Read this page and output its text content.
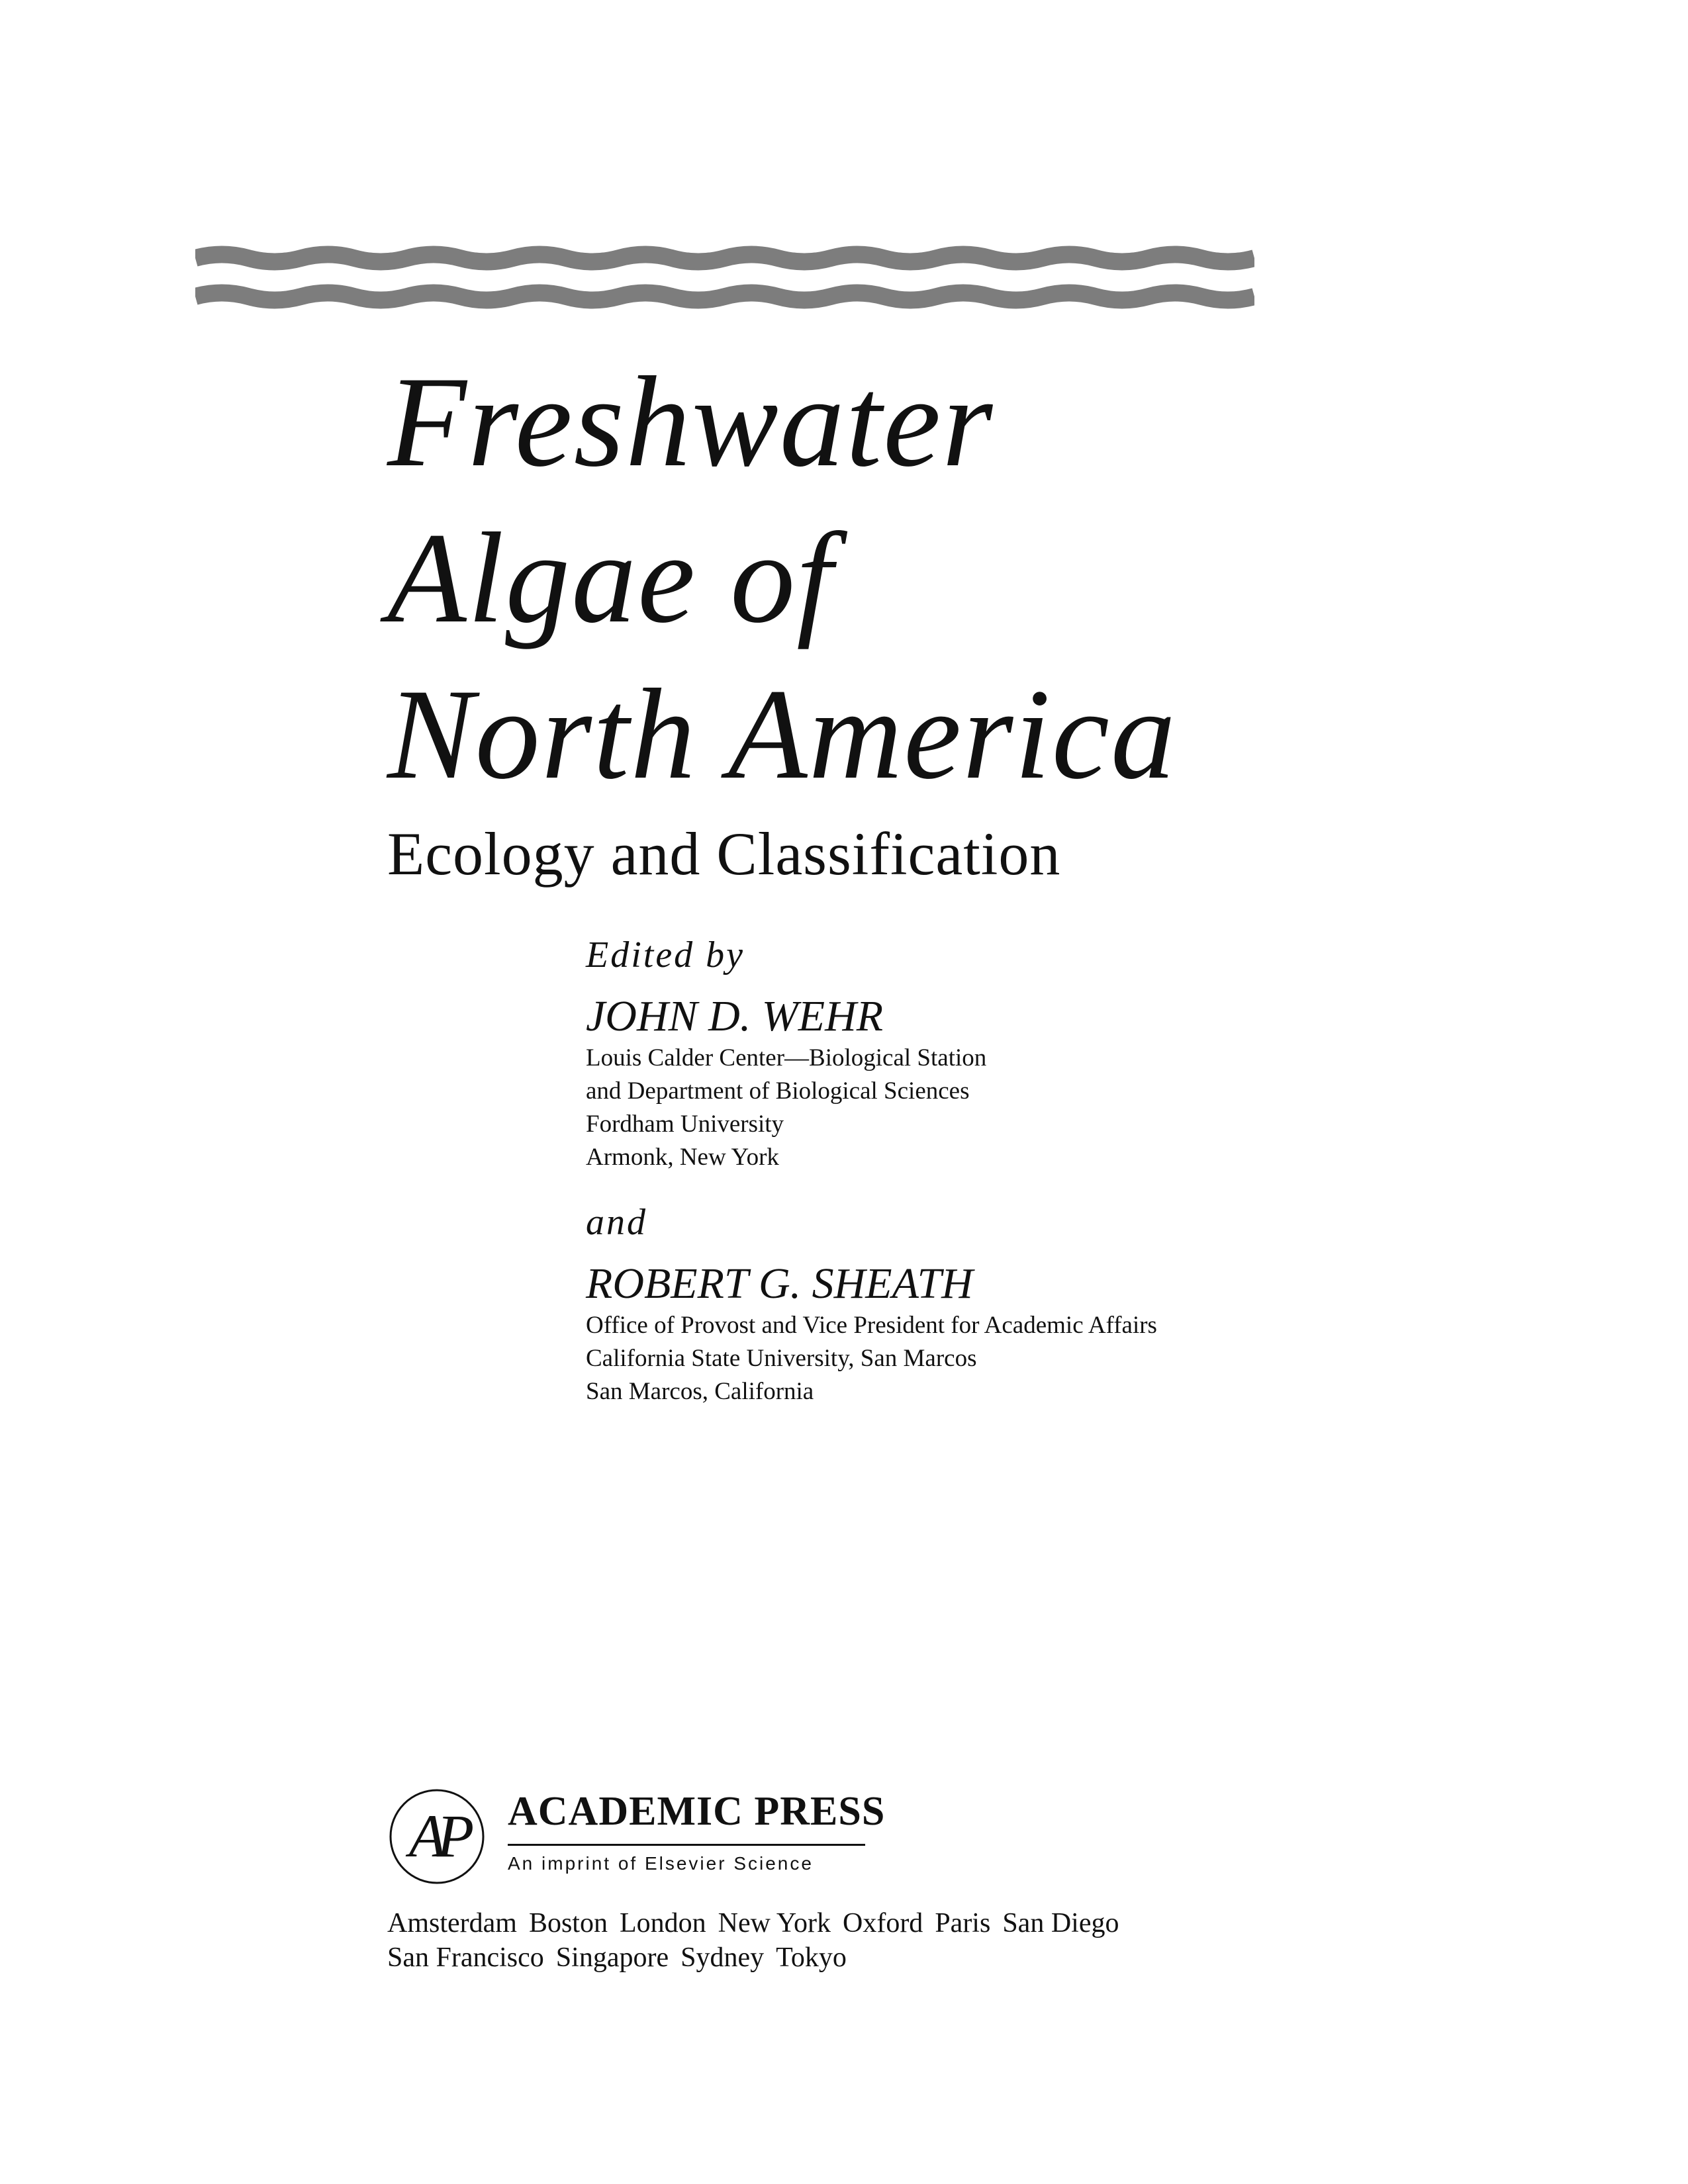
Freshwater
Algae of
North America
Ecology and Classification
Edited by
JOHN D. WEHR
Louis Calder Center—Biological Station
and Department of Biological Sciences
Fordham University
Armonk, New York
and
ROBERT G. SHEATH
Office of Provost and Vice President for Academic Affairs
California State University, San Marcos
San Marcos, California
AP ACADEMIC PRESS
An imprint of Elsevier Science
Amsterdam Boston London New York Oxford Paris San Diego
San Francisco Singapore Sydney Tokyo
